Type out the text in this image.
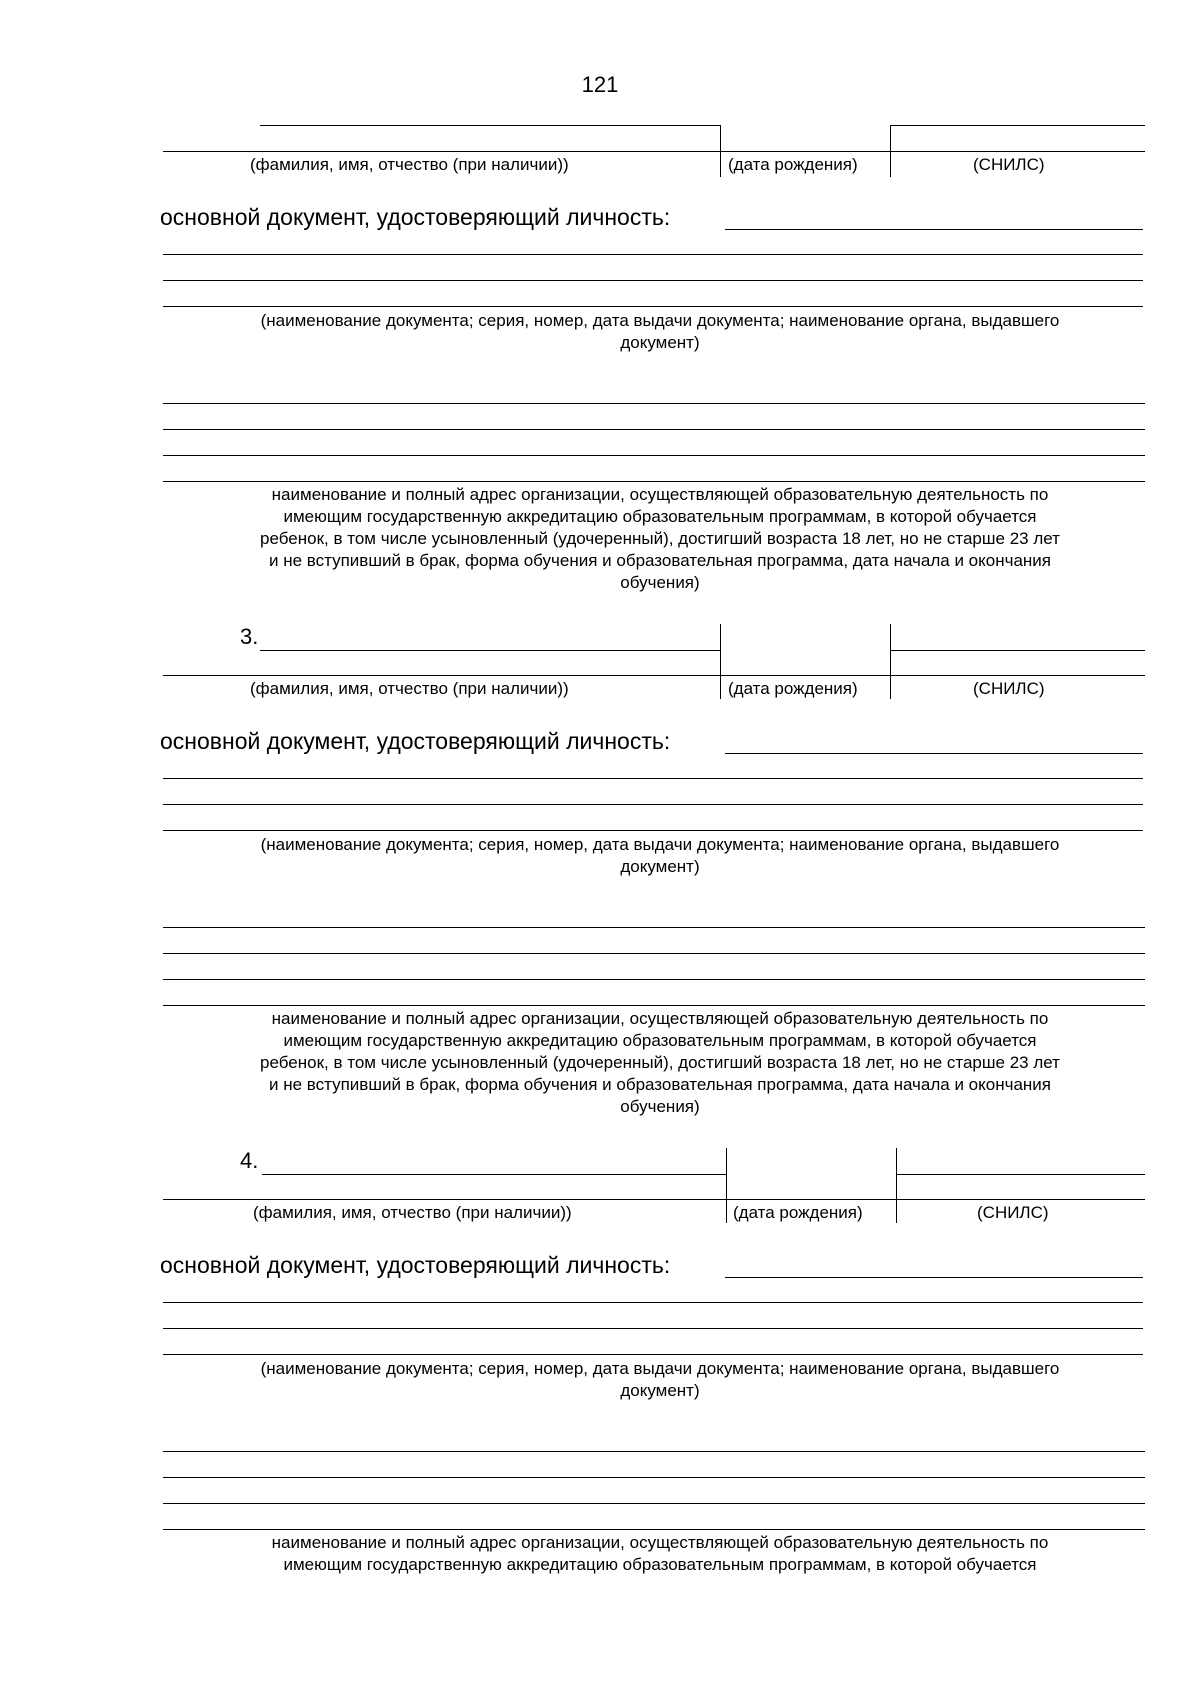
121
(фамилия, имя, отчество (при наличии))	(дата рождения)	(СНИЛС)
основной документ, удостоверяющий личность:
(наименование документа; серия, номер, дата выдачи документа; наименование органа, выдавшего
документ)
наименование и полный адрес организации, осуществляющей образовательную деятельность по
имеющим государственную аккредитацию образовательным программам, в которой обучается
ребенок, в том числе усыновленный (удочеренный), достигший возраста 18 лет, но не старше 23 лет
и не вступивший в брак, форма обучения и образовательная программа, дата начала и окончания
обучения)
3.
(фамилия, имя, отчество (при наличии))	(дата рождения)	(СНИЛС)
основной документ, удостоверяющий личность:
(наименование документа; серия, номер, дата выдачи документа; наименование органа, выдавшего
документ)
наименование и полный адрес организации, осуществляющей образовательную деятельность по
имеющим государственную аккредитацию образовательным программам, в которой обучается
ребенок, в том числе усыновленный (удочеренный), достигший возраста 18 лет, но не старше 23 лет
и не вступивший в брак, форма обучения и образовательная программа, дата начала и окончания
обучения)
4.
(фамилия, имя, отчество (при наличии))	(дата рождения)	(СНИЛС)
основной документ, удостоверяющий личность:
(наименование документа; серия, номер, дата выдачи документа; наименование органа, выдавшего
документ)
наименование и полный адрес организации, осуществляющей образовательную деятельность по
имеющим государственную аккредитацию образовательным программам, в которой обучается
